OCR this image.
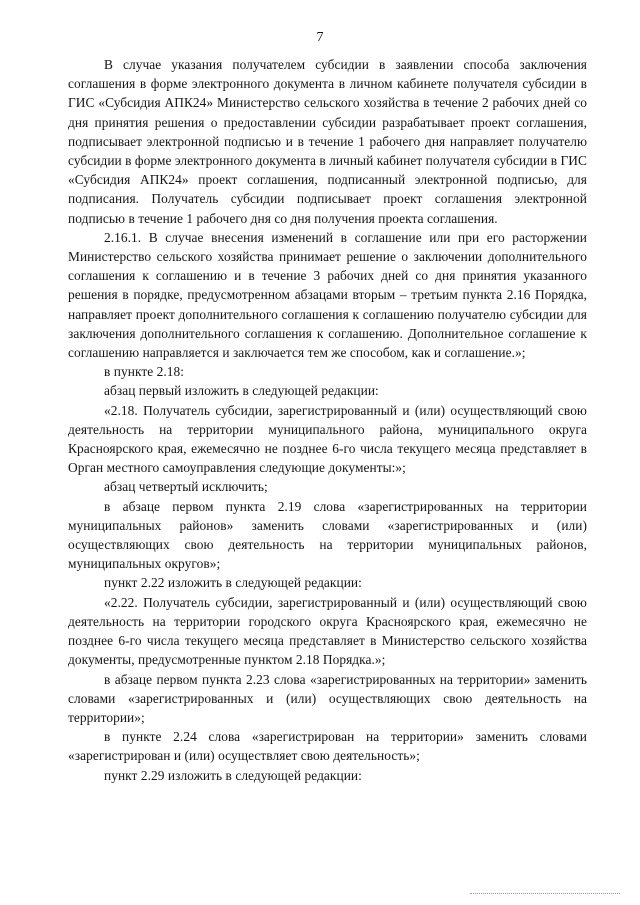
7

В случае указания получателем субсидии в заявлении способа заключения соглашения в форме электронного документа в личном кабинете получателя субсидии в ГИС «Субсидия АПК24» Министерство сельского хозяйства в течение 2 рабочих дней со дня принятия решения о предоставлении субсидии разрабатывает проект соглашения, подписывает электронной подписью и в течение 1 рабочего дня направляет получателю субсидии в форме электронного документа в личный кабинет получателя субсидии в ГИС «Субсидия АПК24» проект соглашения, подписанный электронной подписью, для подписания. Получатель субсидии подписывает проект соглашения электронной подписью в течение 1 рабочего дня со дня получения проекта соглашения.

2.16.1. В случае внесения изменений в соглашение или при его расторжении Министерство сельского хозяйства принимает решение о заключении дополнительного соглашения к соглашению и в течение 3 рабочих дней со дня принятия указанного решения в порядке, предусмотренном абзацами вторым – третьим пункта 2.16 Порядка, направляет проект дополнительного соглашения к соглашению получателю субсидии для заключения дополнительного соглашения к соглашению. Дополнительное соглашение к соглашению направляется и заключается тем же способом, как и соглашение.»;

в пункте 2.18:

абзац первый изложить в следующей редакции:

«2.18. Получатель субсидии, зарегистрированный и (или) осуществляющий свою деятельность на территории муниципального района, муниципального округа Красноярского края, ежемесячно не позднее 6-го числа текущего месяца представляет в Орган местного самоуправления следующие документы:»;

абзац четвертый исключить;

в абзаце первом пункта 2.19 слова «зарегистрированных на территории муниципальных районов» заменить словами «зарегистрированных и (или) осуществляющих свою деятельность на территории муниципальных районов, муниципальных округов»;

пункт 2.22 изложить в следующей редакции:

«2.22. Получатель субсидии, зарегистрированный и (или) осуществляющий свою деятельность на территории городского округа Красноярского края, ежемесячно не позднее 6-го числа текущего месяца представляет в Министерство сельского хозяйства документы, предусмотренные пунктом 2.18 Порядка.»;

в абзаце первом пункта 2.23 слова «зарегистрированных на территории» заменить словами «зарегистрированных и (или) осуществляющих свою деятельность на территории»;

в пункте 2.24 слова «зарегистрирован на территории» заменить словами «зарегистрирован и (или) осуществляет свою деятельность»;

пункт 2.29 изложить в следующей редакции:
